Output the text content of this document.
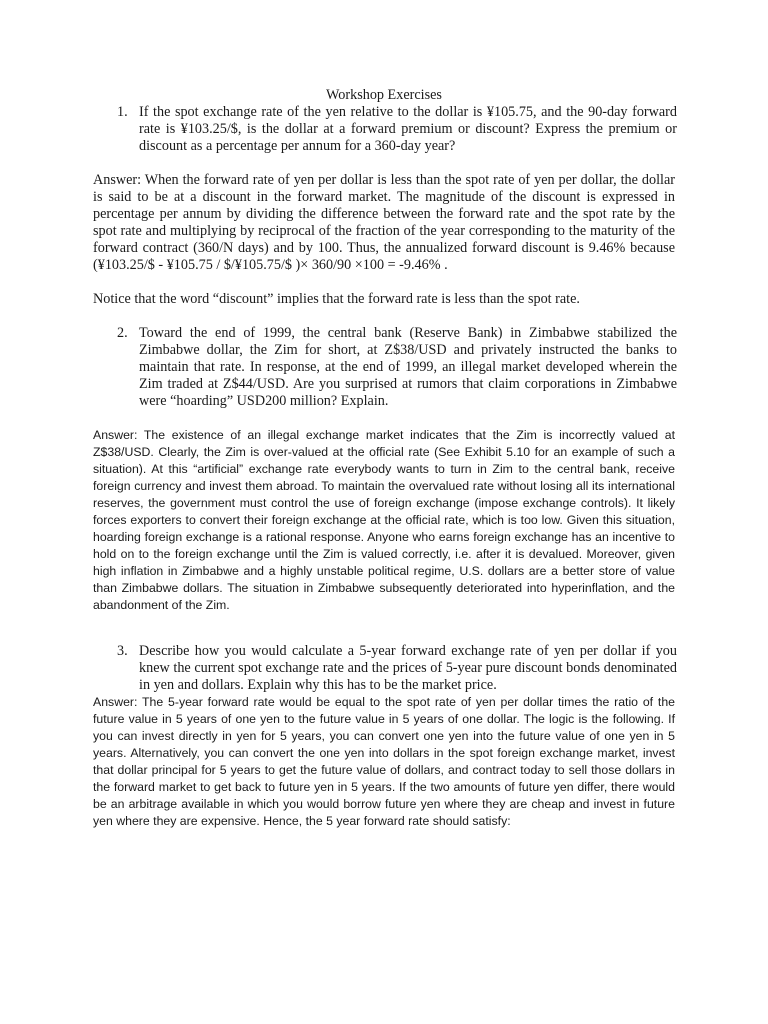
Workshop Exercises
1. If the spot exchange rate of the yen relative to the dollar is ¥105.75, and the 90-day forward rate is ¥103.25/$, is the dollar at a forward premium or discount? Express the premium or discount as a percentage per annum for a 360-day year?
Answer: When the forward rate of yen per dollar is less than the spot rate of yen per dollar, the dollar is said to be at a discount in the forward market. The magnitude of the discount is expressed in percentage per annum by dividing the difference between the forward rate and the spot rate by the spot rate and multiplying by reciprocal of the fraction of the year corresponding to the maturity of the forward contract (360/N days) and by 100. Thus, the annualized forward discount is 9.46% because (¥103.25/$ - ¥105.75 / $/¥105.75/$ )× 360/90 ×100 = -9.46% .
Notice that the word “discount” implies that the forward rate is less than the spot rate.
2. Toward the end of 1999, the central bank (Reserve Bank) in Zimbabwe stabilized the Zimbabwe dollar, the Zim for short, at Z$38/USD and privately instructed the banks to maintain that rate. In response, at the end of 1999, an illegal market developed wherein the Zim traded at Z$44/USD. Are you surprised at rumors that claim corporations in Zimbabwe were “hoarding” USD200 million? Explain.
Answer: The existence of an illegal exchange market indicates that the Zim is incorrectly valued at Z$38/USD. Clearly, the Zim is over-valued at the official rate (See Exhibit 5.10 for an example of such a situation). At this “artificial” exchange rate everybody wants to turn in Zim to the central bank, receive foreign currency and invest them abroad. To maintain the overvalued rate without losing all its international reserves, the government must control the use of foreign exchange (impose exchange controls). It likely forces exporters to convert their foreign exchange at the official rate, which is too low. Given this situation, hoarding foreign exchange is a rational response. Anyone who earns foreign exchange has an incentive to hold on to the foreign exchange until the Zim is valued correctly, i.e. after it is devalued. Moreover, given high inflation in Zimbabwe and a highly unstable political regime, U.S. dollars are a better store of value than Zimbabwe dollars. The situation in Zimbabwe subsequently deteriorated into hyperinflation, and the abandonment of the Zim.
3. Describe how you would calculate a 5-year forward exchange rate of yen per dollar if you knew the current spot exchange rate and the prices of 5-year pure discount bonds denominated in yen and dollars. Explain why this has to be the market price.
Answer: The 5-year forward rate would be equal to the spot rate of yen per dollar times the ratio of the future value in 5 years of one yen to the future value in 5 years of one dollar. The logic is the following. If you can invest directly in yen for 5 years, you can convert one yen into the future value of one yen in 5 years. Alternatively, you can convert the one yen into dollars in the spot foreign exchange market, invest that dollar principal for 5 years to get the future value of dollars, and contract today to sell those dollars in the forward market to get back to future yen in 5 years. If the two amounts of future yen differ, there would be an arbitrage available in which you would borrow future yen where they are cheap and invest in future yen where they are expensive. Hence, the 5 year forward rate should satisfy:
